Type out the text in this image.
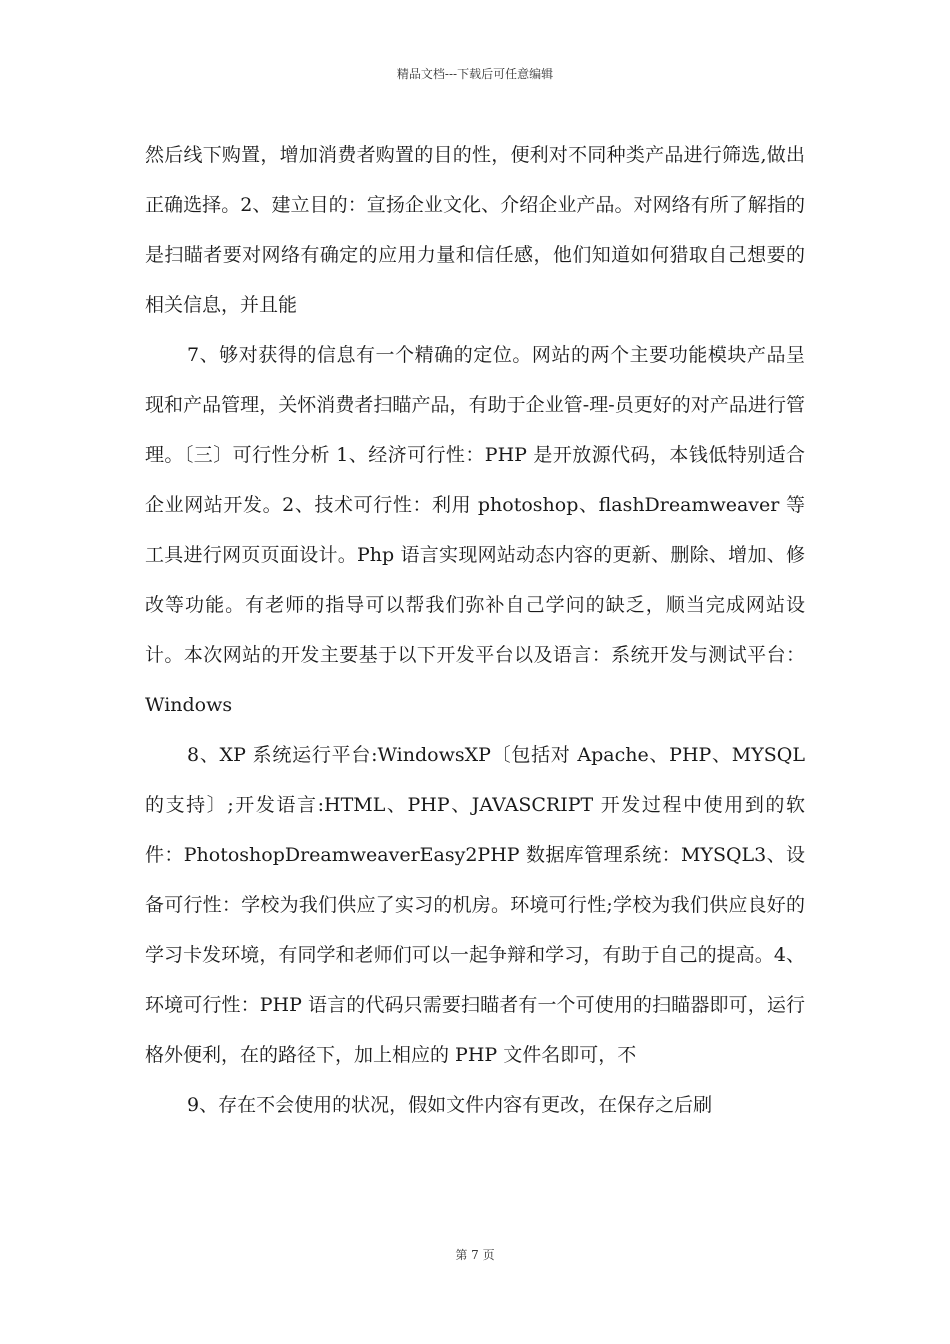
精品文档---下载后可任意编辑

然后线下购置，增加消费者购置的目的性，便利对不同种类产品进行筛选,做出正确选择。2、建立目的：宣扬企业文化、介绍企业产品。对网络有所了解指的是扫瞄者要对网络有确定的应用力量和信任感，他们知道如何猎取自己想要的相关信息，并且能

7、够对获得的信息有一个精确的定位。网站的两个主要功能模块产品呈现和产品管理，关怀消费者扫瞄产品，有助于企业管-理-员更好的对产品进行管理。〔三〕可行性分析 1、经济可行性：PHP 是开放源代码，本钱低特别适合企业网站开发。2、技术可行性：利用 photoshop、flashDreamweaver 等工具进行网页页面设计。Php 语言实现网站动态内容的更新、删除、增加、修改等功能。有老师的指导可以帮我们弥补自己学问的缺乏，顺当完成网站设计。本次网站的开发主要基于以下开发平台以及语言：系统开发与测试平台：Windows

8、XP 系统运行平台:WindowsXP〔包括对 Apache、PHP、MYSQL 的支持〕;开发语言:HTML、PHP、JAVASCRIPT 开发过程中使用到的软件：PhotoshopDreamweaverEasy2PHP 数据库管理系统：MYSQL3、设备可行性：学校为我们供应了实习的机房。环境可行性;学校为我们供应良好的学习卡发环境，有同学和老师们可以一起争辩和学习，有助于自己的提高。4、环境可行性：PHP 语言的代码只需要扫瞄者有一个可使用的扫瞄器即可，运行格外便利，在的路径下，加上相应的 PHP 文件名即可，不

9、存在不会使用的状况，假如文件内容有更改，在保存之后刷

第 7 页
